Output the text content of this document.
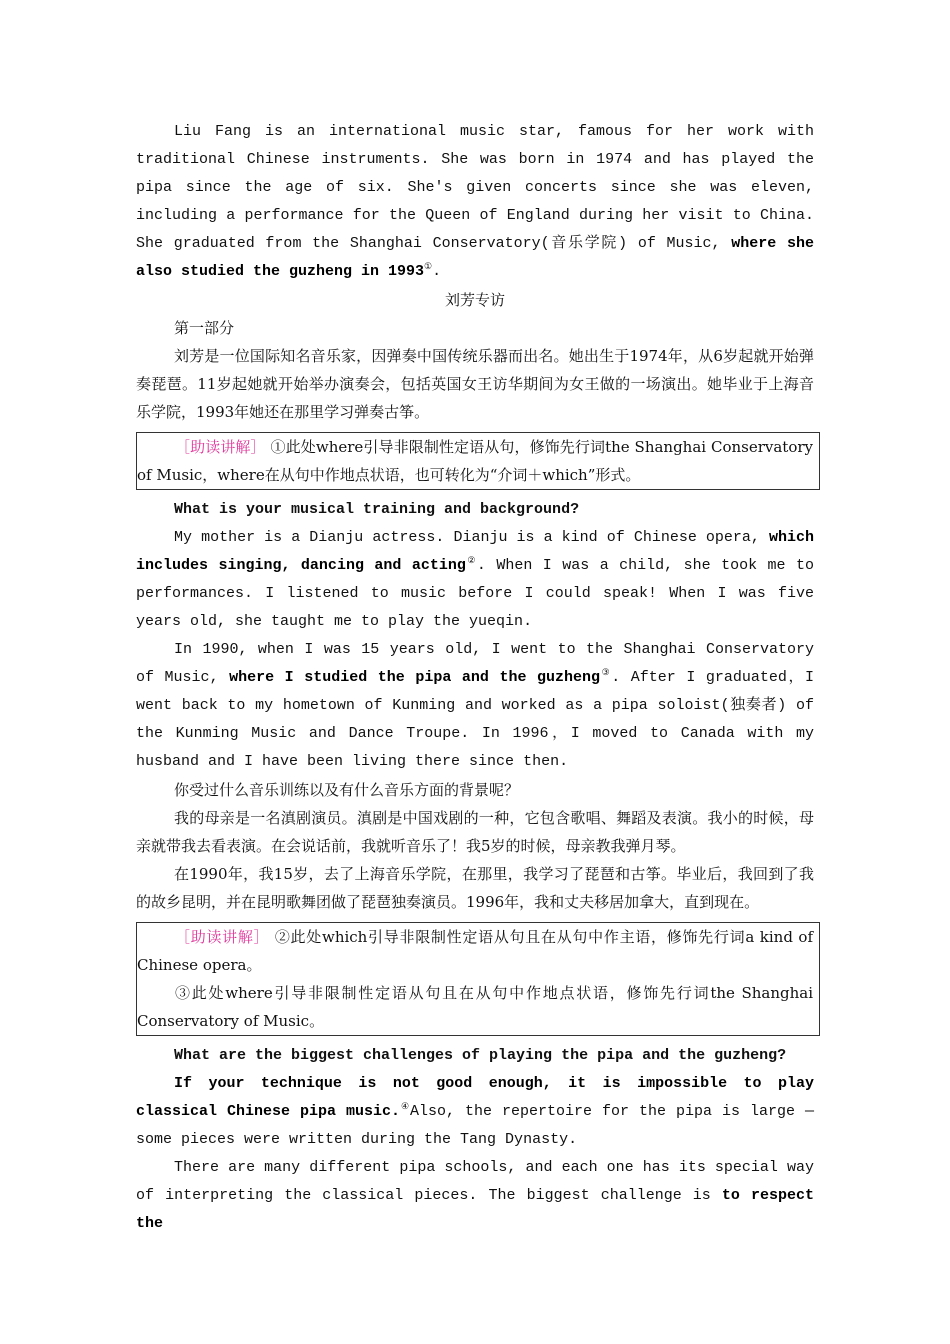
Liu Fang is an international music star, famous for her work with traditional Chinese instruments. She was born in 1974 and has played the pipa since the age of six. She's given concerts since she was eleven, including a performance for the Queen of England during her visit to China. She graduated from the Shanghai Conservatory(音乐学院) of Music, where she also studied the guzheng in 1993①.

刘芳专访

第一部分

刘芳是一位国际知名音乐家，因弹奏中国传统乐器而出名。她出生于1974年，从6岁起就开始弹奏琵琶。11岁起她就开始举办演奏会，包括英国女王访华期间为女王做的一场演出。她毕业于上海音乐学院，1993年她还在那里学习弹奏古筝。

［助读讲解］ ①此处where引导非限制性定语从句，修饰先行词the Shanghai Conservatory of Music，where在从句中作地点状语，也可转化为“介词＋which”形式。

What is your musical training and background?

My mother is a Dianju actress. Dianju is a kind of Chinese opera, which includes singing, dancing and acting②. When I was a child, she took me to performances. I listened to music before I could speak! When I was five years old, she taught me to play the yueqin.

In 1990, when I was 15 years old, I went to the Shanghai Conservatory of Music, where I studied the pipa and the guzheng③. After I graduated，I went back to my hometown of Kunming and worked as a pipa soloist(独奏者) of the Kunming Music and Dance Troupe. In 1996，I moved to Canada with my husband and I have been living there since then.

你受过什么音乐训练以及有什么音乐方面的背景呢？

我的母亲是一名滇剧演员。滇剧是中国戏剧的一种，它包含歌唱、舞蹈及表演。我小的时候，母亲就带我去看表演。在会说话前，我就听音乐了！我5岁的时候，母亲教我弹月琴。

在1990年，我15岁，去了上海音乐学院，在那里，我学习了琵琶和古筝。毕业后，我回到了我的故乡昆明，并在昆明歌舞团做了琵琶独奏演员。1996年，我和丈夫移居加拿大，直到现在。

［助读讲解］ ②此处which引导非限制性定语从句且在从句中作主语，修饰先行词a kind of Chinese opera。

③此处where引导非限制性定语从句且在从句中作地点状语，修饰先行词the Shanghai Conservatory of Music。

What are the biggest challenges of playing the pipa and the guzheng?

If your technique is not good enough, it is impossible to play classical Chinese pipa music.④Also, the repertoire for the pipa is large — some pieces were written during the Tang Dynasty.

There are many different pipa schools, and each one has its special way of interpreting the classical pieces. The biggest challenge is to respect the
